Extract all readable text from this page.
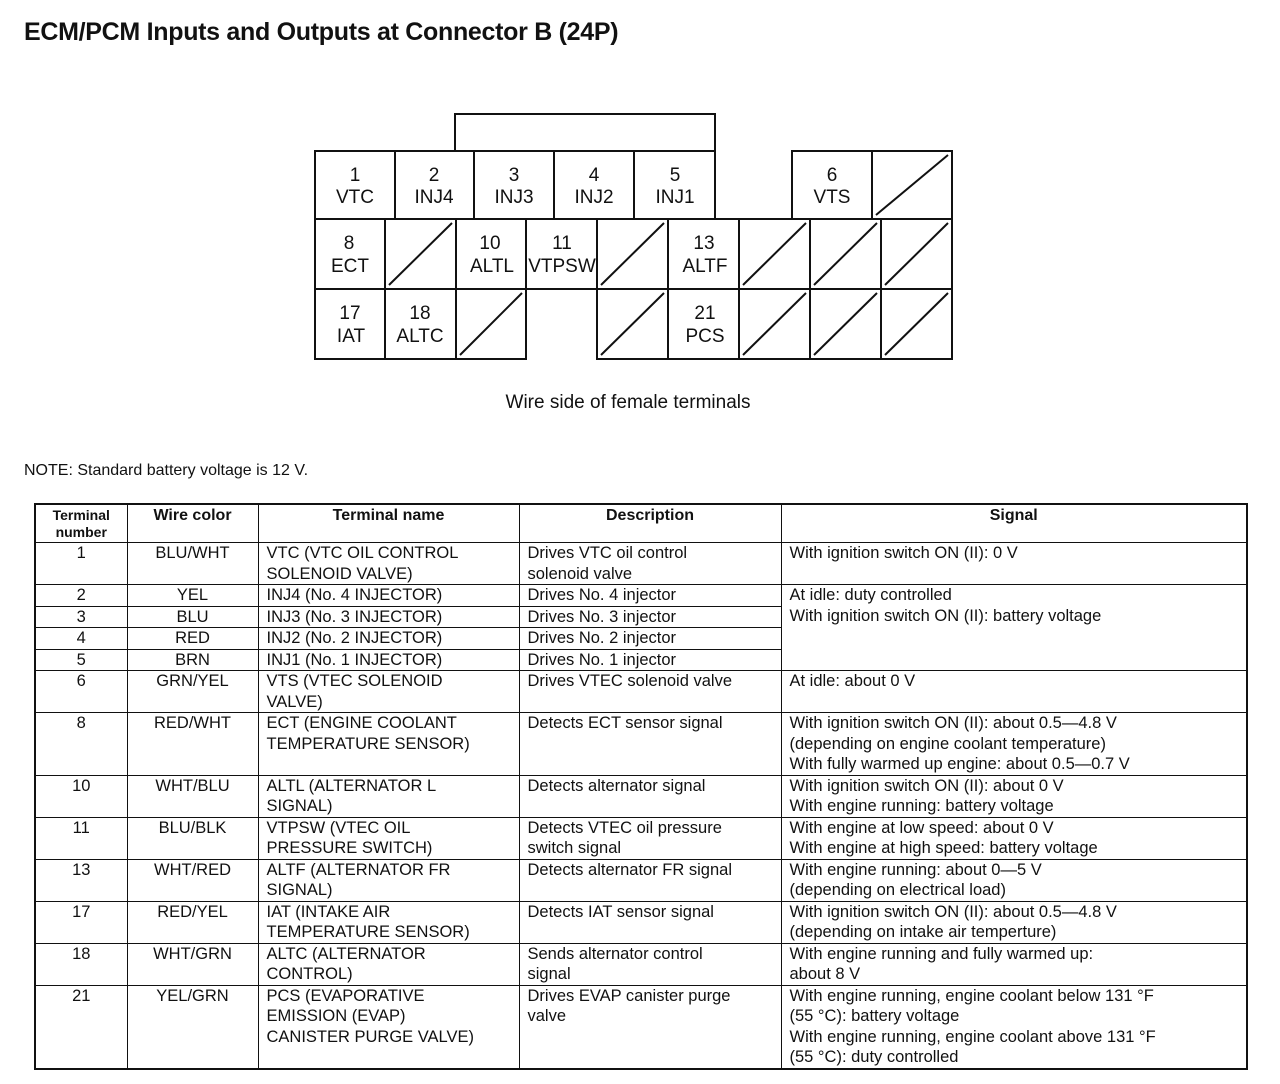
ECM/PCM Inputs and Outputs at Connector B (24P)
1
VTC
2
INJ4
3
INJ3
4
INJ2
5
INJ1
6
VTS
8
ECT
10
ALTL
11
VTPSW
13
ALTF
17
IAT
18
ALTC
21
PCS
Wire side of female terminals
NOTE: Standard battery voltage is 12 V.
Terminal
number	Wire color	Terminal name	Description	Signal
1	BLU/WHT	VTC (VTC OIL CONTROL
SOLENOID VALVE)	Drives VTC oil control
solenoid valve	With ignition switch ON (II): 0 V
2	YEL	INJ4 (No. 4 INJECTOR)	Drives No. 4 injector	At idle: duty controlled
With ignition switch ON (II): battery voltage
3	BLU	INJ3 (No. 3 INJECTOR)	Drives No. 3 injector	
4	RED	INJ2 (No. 2 INJECTOR)	Drives No. 2 injector	
5	BRN	INJ1 (No. 1 INJECTOR)	Drives No. 1 injector	
6	GRN/YEL	VTS (VTEC SOLENOID
VALVE)	Drives VTEC solenoid valve	At idle: about 0 V
8	RED/WHT	ECT (ENGINE COOLANT
TEMPERATURE SENSOR)	Detects ECT sensor signal	With ignition switch ON (II): about 0.5—4.8 V
(depending on engine coolant temperature)
With fully warmed up engine: about 0.5—0.7 V
10	WHT/BLU	ALTL (ALTERNATOR L
SIGNAL)	Detects alternator signal	With ignition switch ON (II): about 0 V
With engine running: battery voltage
11	BLU/BLK	VTPSW (VTEC OIL
PRESSURE SWITCH)	Detects VTEC oil pressure
switch signal	With engine at low speed: about 0 V
With engine at high speed: battery voltage
13	WHT/RED	ALTF (ALTERNATOR FR
SIGNAL)	Detects alternator FR signal	With engine running: about 0—5 V
(depending on electrical load)
17	RED/YEL	IAT (INTAKE AIR
TEMPERATURE SENSOR)	Detects IAT sensor signal	With ignition switch ON (II): about 0.5—4.8 V
(depending on intake air temperture)
18	WHT/GRN	ALTC (ALTERNATOR
CONTROL)	Sends alternator control
signal	With engine running and fully warmed up:
about 8 V
21	YEL/GRN	PCS (EVAPORATIVE
EMISSION (EVAP)
CANISTER PURGE VALVE)	Drives EVAP canister purge
valve	With engine running, engine coolant below 131 °F
(55 °C): battery voltage
With engine running, engine coolant above 131 °F
(55 °C): duty controlled
